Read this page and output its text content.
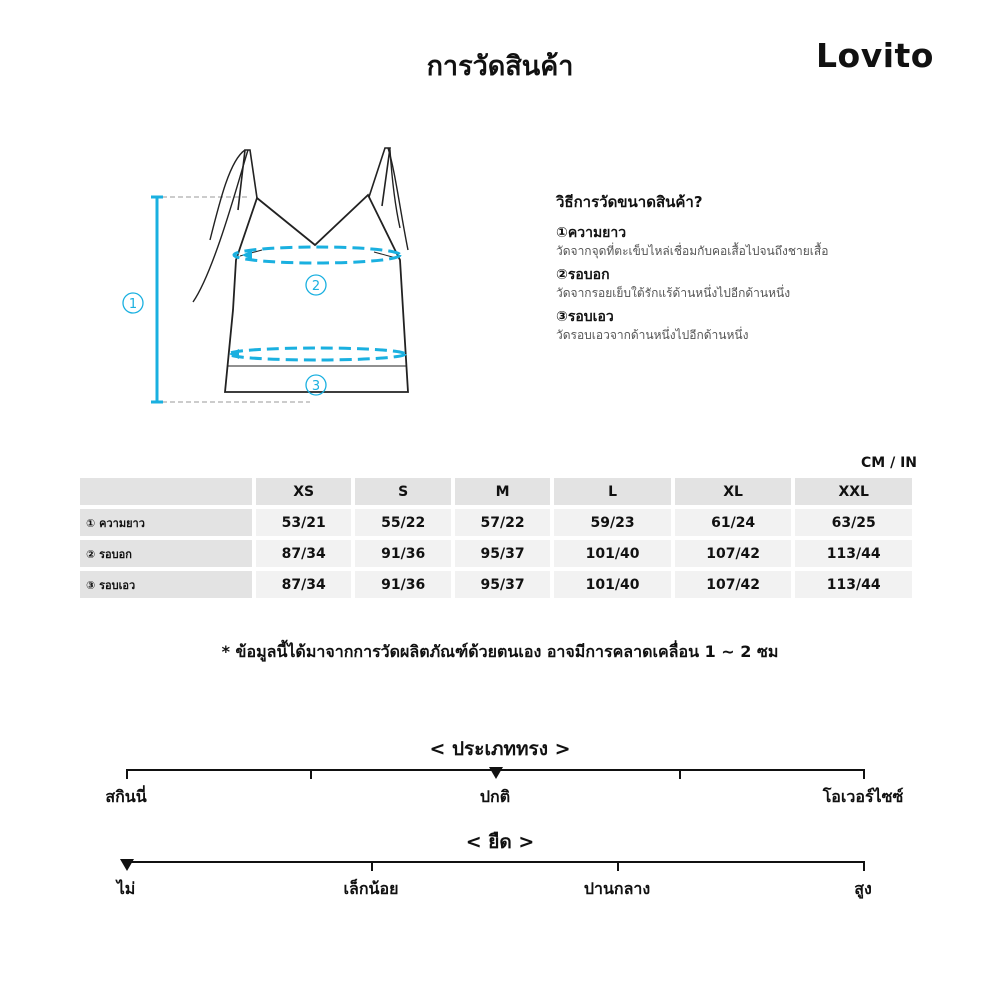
การวัดสินค้า	Lovito
1
2
3
วิธีการวัดขนาดสินค้า?
①ความยาว
วัดจากจุดที่ตะเข็บไหล่เชื่อมกับคอเสื้อไปจนถึงชายเสื้อ
②รอบอก
วัดจากรอยเย็บใต้รักแร้ด้านหนึ่งไปอีกด้านหนึ่ง
③รอบเอว
วัดรอบเอวจากด้านหนึ่งไปอีกด้านหนึ่ง
CM / IN
	XS	S	M	L	XL	XXL
① ความยาว	53/21	55/22	57/22	59/23	61/24	63/25
② รอบอก	87/34	91/36	95/37	101/40	107/42	113/44
③ รอบเอว	87/34	91/36	95/37	101/40	107/42	113/44
* ข้อมูลนี้ได้มาจากการวัดผลิตภัณฑ์ด้วยตนเอง อาจมีการคลาดเคลื่อน 1 ~ 2 ซม
< ประเภททรง >
สกินนี่	ปกติ	โอเวอร์ไซซ์
< ยืด >
ไม่	เล็กน้อย	ปานกลาง	สูง
